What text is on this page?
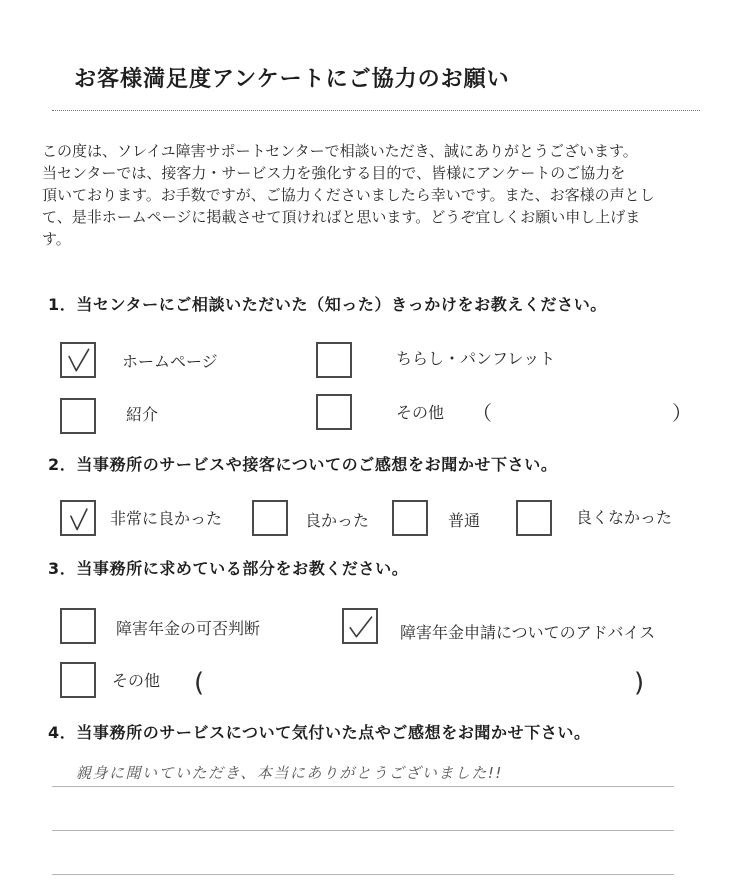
お客様満足度アンケートにご協力のお願い
この度は、ソレイユ障害サポートセンターで相談いただき、誠にありがとうございます。
当センターでは、接客力・サービス力を強化する目的で、皆様にアンケートのご協力を
頂いております。お手数ですが、ご協力くださいましたら幸いです。また、お客様の声とし
て、是非ホームページに掲載させて頂ければと思います。どうぞ宜しくお願い申し上げま
す。
1．当センターにご相談いただいた（知った）きっかけをお教えください。
ホームページ	ちらし・パンフレット
紹介	その他 （	）
2．当事務所のサービスや接客についてのご感想をお聞かせ下さい。
非常に良かった	良かった	普通	良くなかった
3．当事務所に求めている部分をお教ください。
障害年金の可否判断	障害年金申請についてのアドバイス
その他 (	)
4．当事務所のサービスについて気付いた点やご感想をお聞かせ下さい。
親身に聞いていただき、本当にありがとうございました!!
